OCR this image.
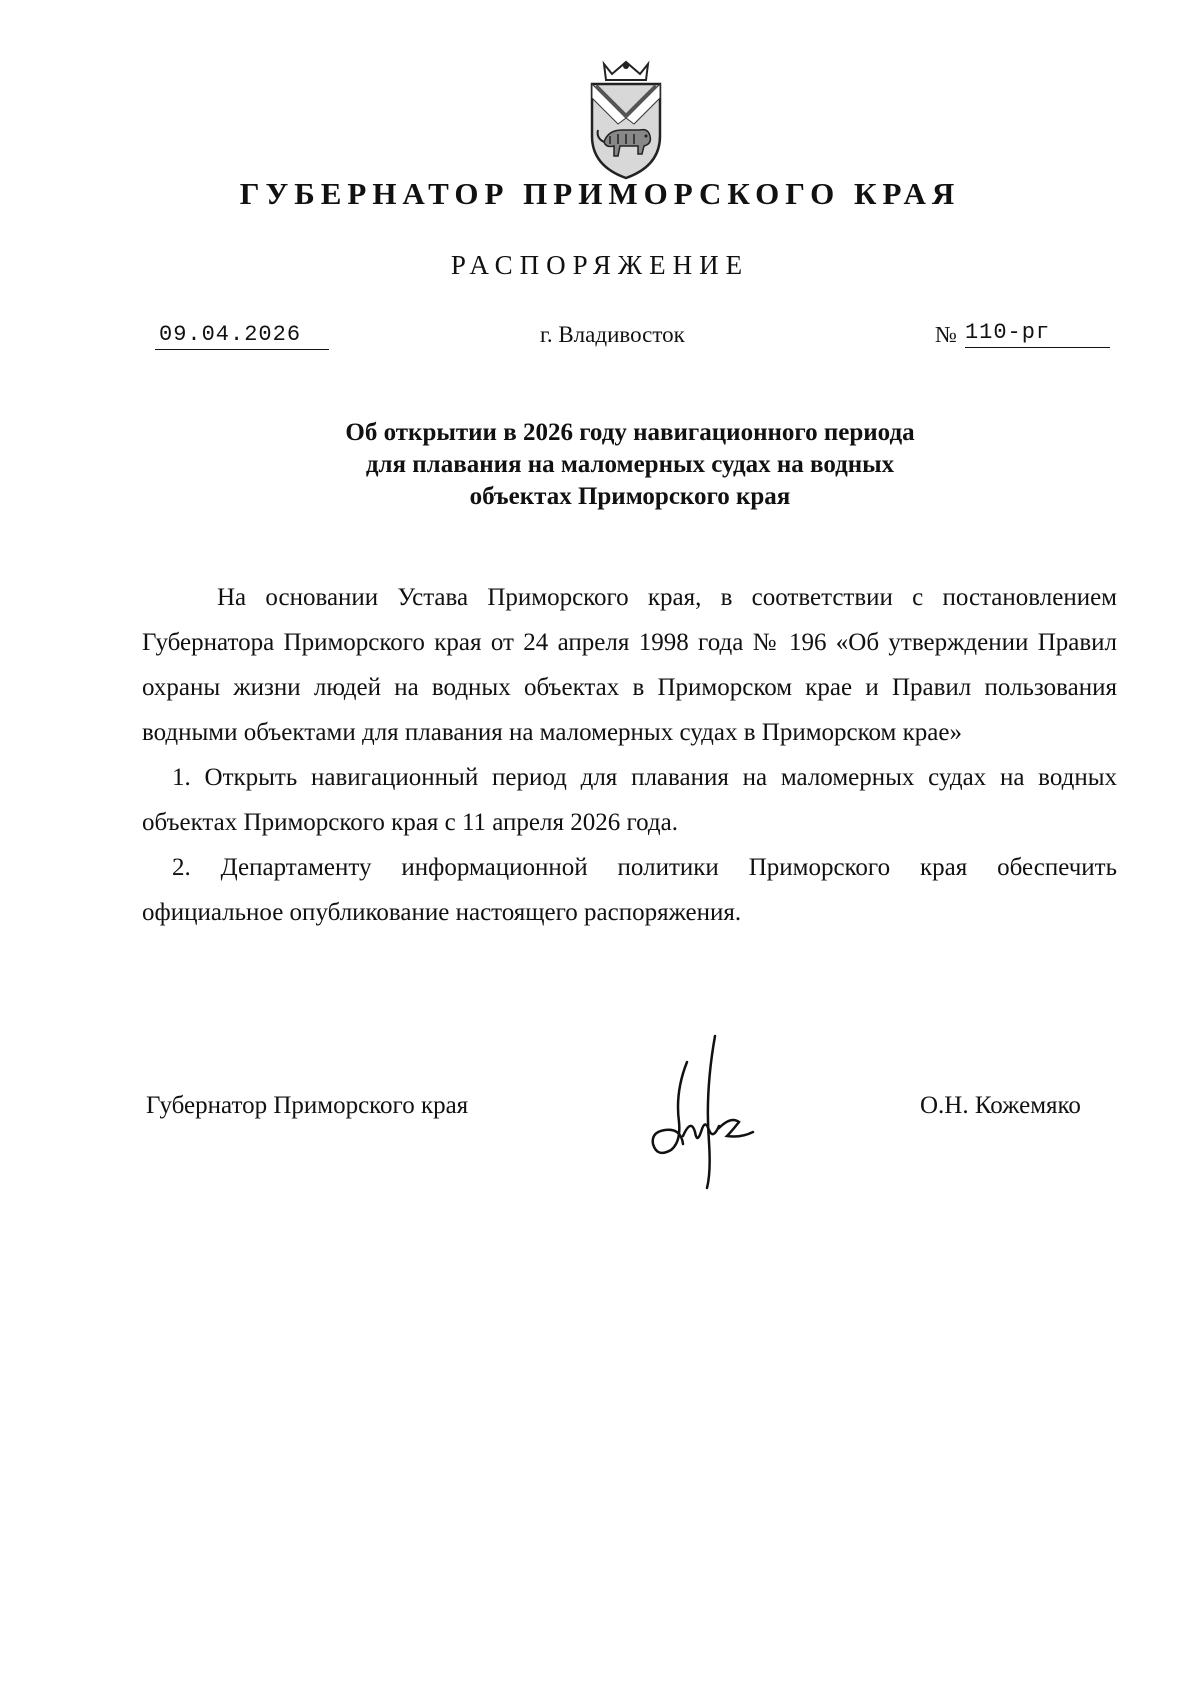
ГУБЕРНАТОР ПРИМОРСКОГО КРАЯ
РАСПОРЯЖЕНИЕ
09.04.2026	г. Владивосток	№ 110-рг
Об открытии в 2026 году навигационного периода
для плавания на маломерных судах на водных
объектах Приморского края

На основании Устава Приморского края, в соответствии с постановлением Губернатора Приморского края от 24 апреля 1998 года № 196 «Об утверждении Правил охраны жизни людей на водных объектах в Приморском крае и Правил пользования водными объектами для плавания на маломерных судах в Приморском крае»

1. Открыть навигационный период для плавания на маломерных судах на водных объектах Приморского края с 11 апреля 2026 года.

2. Департаменту информационной политики Приморского края обеспечить официальное опубликование настоящего распоряжения.

Губернатор Приморского края	О.Н. Кожемяко
